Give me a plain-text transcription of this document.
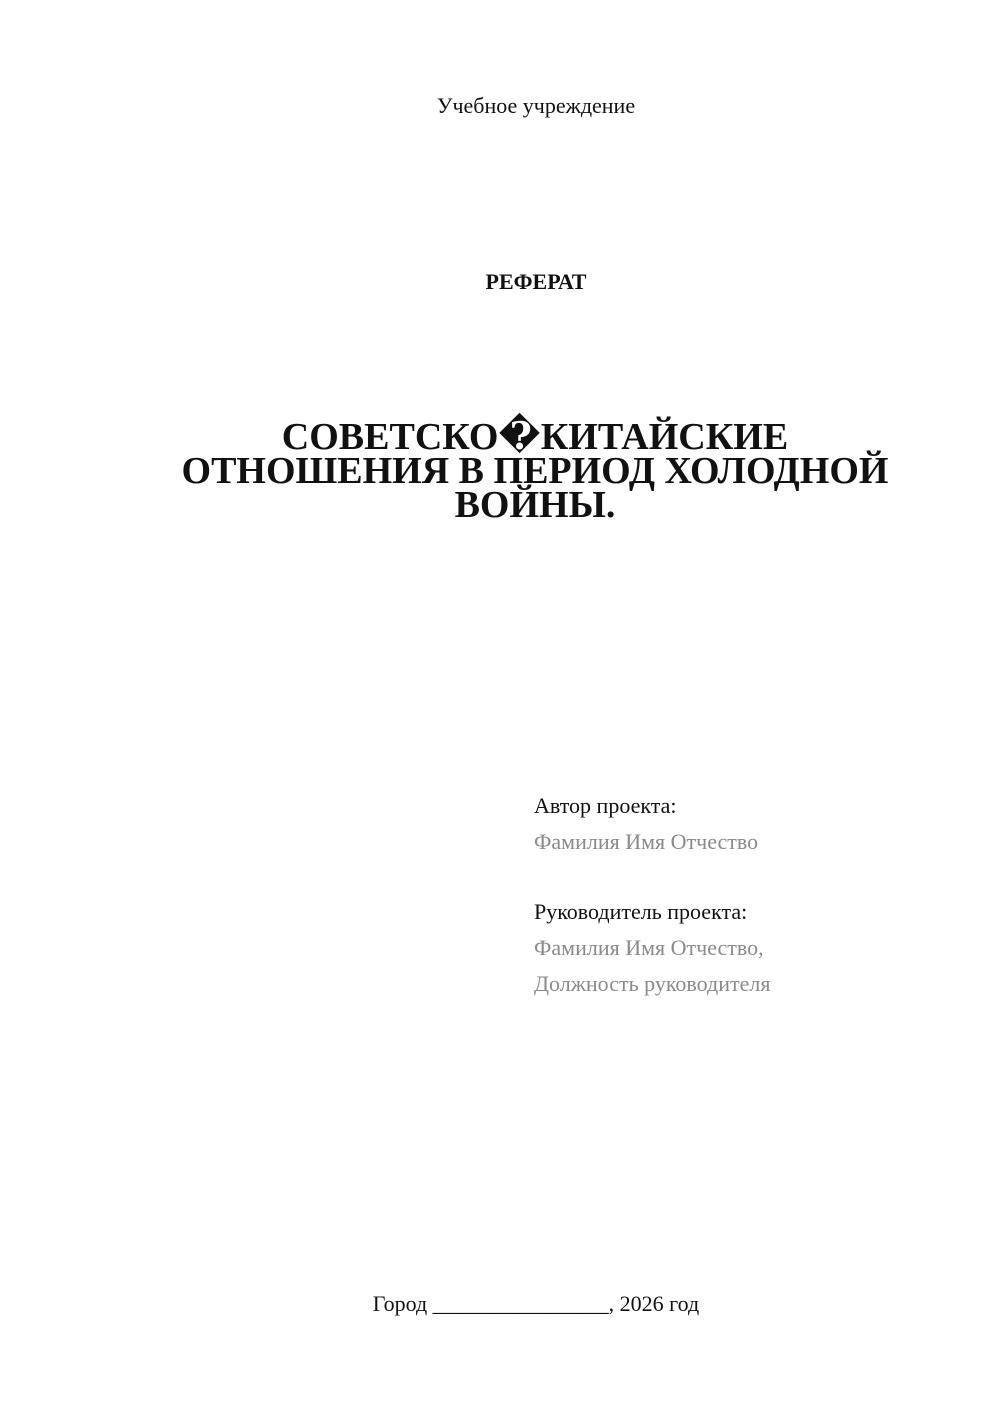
Учебное учреждение
РЕФЕРАТ
СОВЕТСКО�КИТАЙСКИЕ
ОТНОШЕНИЯ В ПЕРИОД ХОЛОДНОЙ
ВОЙНЫ.
Автор проекта:
Фамилия Имя Отчество
Руководитель проекта:
Фамилия Имя Отчество,
Должность руководителя
Город ________________, 2026 год
